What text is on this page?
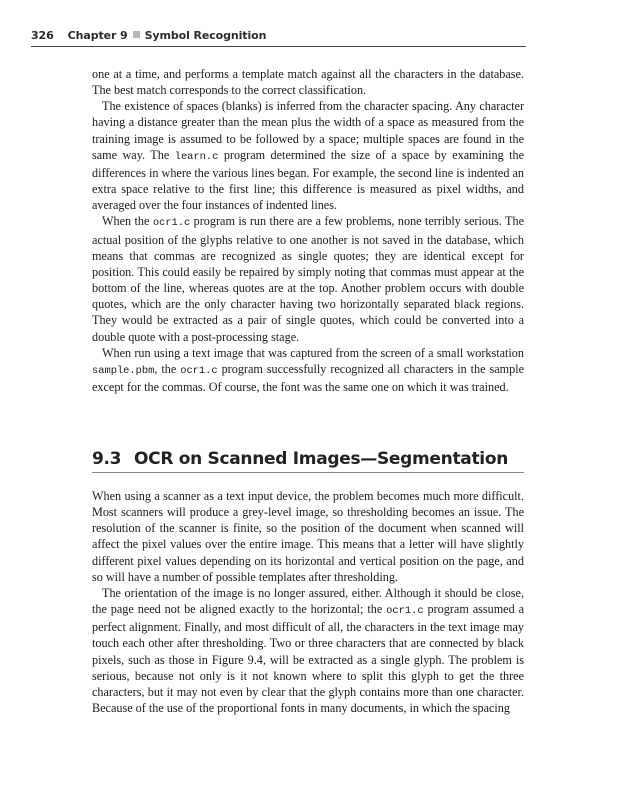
326 Chapter 9 Symbol Recognition

one at a time, and performs a template match against all the characters in the database. The best match corresponds to the correct classification.

The existence of spaces (blanks) is inferred from the character spacing. Any character having a distance greater than the mean plus the width of a space as measured from the training image is assumed to be followed by a space; multiple spaces are found in the same way. The learn.c program determined the size of a space by examining the differences in where the various lines began. For example, the second line is indented an extra space relative to the first line; this difference is measured as pixel widths, and averaged over the four instances of indented lines.

When the ocr1.c program is run there are a few problems, none terribly serious. The actual position of the glyphs relative to one another is not saved in the database, which means that commas are recognized as single quotes; they are identical except for position. This could easily be repaired by simply noting that commas must appear at the bottom of the line, whereas quotes are at the top. Another problem occurs with double quotes, which are the only character having two horizontally separated black regions. They would be extracted as a pair of single quotes, which could be converted into a double quote with a post-processing stage.

When run using a text image that was captured from the screen of a small workstation sample.pbm, the ocr1.c program successfully recognized all characters in the sample except for the commas. Of course, the font was the same one on which it was trained.

9.3 OCR on Scanned Images—Segmentation

When using a scanner as a text input device, the problem becomes much more difficult. Most scanners will produce a grey-level image, so thresholding becomes an issue. The resolution of the scanner is finite, so the position of the document when scanned will affect the pixel values over the entire image. This means that a letter will have slightly different pixel values depending on its horizontal and vertical position on the page, and so will have a number of possible templates after thresholding.

The orientation of the image is no longer assured, either. Although it should be close, the page need not be aligned exactly to the horizontal; the ocr1.c program assumed a perfect alignment. Finally, and most difficult of all, the characters in the text image may touch each other after thresholding. Two or three characters that are connected by black pixels, such as those in Figure 9.4, will be extracted as a single glyph. The problem is serious, because not only is it not known where to split this glyph to get the three characters, but it may not even by clear that the glyph contains more than one character. Because of the use of the proportional fonts in many documents, in which the spacing
